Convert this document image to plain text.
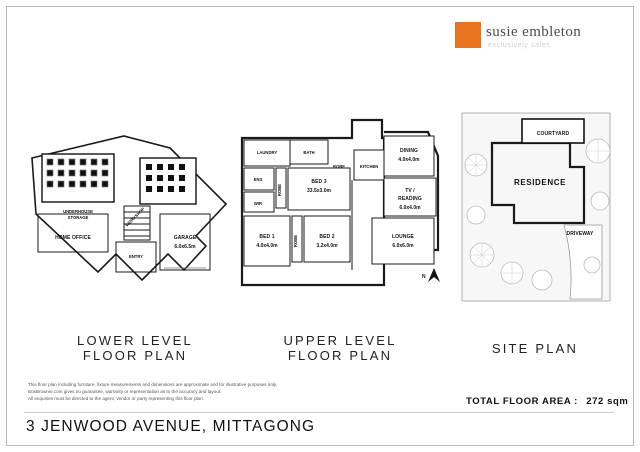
susie embleton
exclusively sales
UNDERHOUSE
STORAGE
HOME OFFICE
WORKSHOP
ENTRY
GARAGE
6.0x6.5m
LAUNDRY	BATH
ENS
WIR
ROBE
ROBE
ROBE
BED 3
33.5x3.0m
BED 1
4.0x4.0m
BED 2
3.2x4.0m
KITCHEN
DINING
4.0x4.0m
TV /
READING
6.0x4.0m
LOUNGE
6.0x6.0m
N
COURTYARD
RESIDENCE
DRIVEWAY
LOWER LEVEL
FLOOR PLAN
UPPER LEVEL
FLOOR PLAN	SITE PLAN
This floor plan including furniture, fixture measurements and dimensions are approximate and for illustrative purposes only.
BoxBrownie.com gives no guarantee, warranty or representation as to the accuracy and layout.
All enquiries must be directed to the agent, vendor or party representing this floor plan.	TOTAL FLOOR AREA : 272 sqm
3 JENWOOD AVENUE, MITTAGONG
